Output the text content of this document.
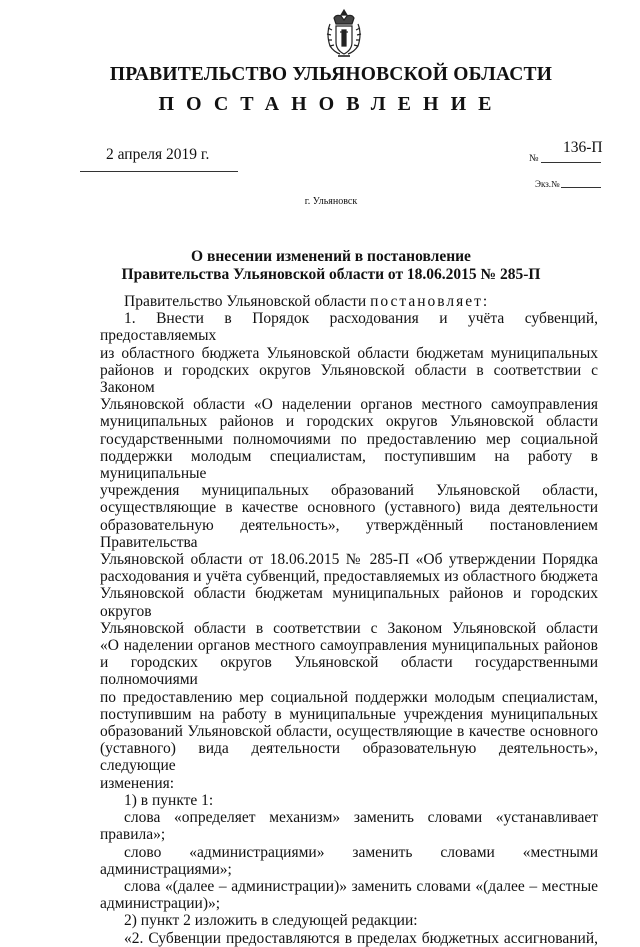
ПРАВИТЕЛЬСТВО УЛЬЯНОВСКОЙ ОБЛАСТИ
ПОСТАНОВЛЕНИЕ
2 апреля 2019 г.	№
136-П
Экз.№
г. Ульяновск
О внесении изменений в постановление
Правительства Ульяновской области от 18.06.2015 № 285-П

Правительство Ульяновской области постановляет:

1. Внести в Порядок расходования и учёта субвенций, предоставляемых

из областного бюджета Ульяновской области бюджетам муниципальных

районов и городских округов Ульяновской области в соответствии с Законом

Ульяновской области «О наделении органов местного самоуправления

муниципальных районов и городских округов Ульяновской области

государственными полномочиями по предоставлению мер социальной

поддержки молодым специалистам, поступившим на работу в муниципальные

учреждения муниципальных образований Ульяновской области,

осуществляющие в качестве основного (уставного) вида деятельности

образовательную деятельность», утверждённый постановлением Правительства

Ульяновской области от 18.06.2015 № 285-П «Об утверждении Порядка

расходования и учёта субвенций, предоставляемых из областного бюджета

Ульяновской области бюджетам муниципальных районов и городских округов

Ульяновской области в соответствии с Законом Ульяновской области

«О наделении органов местного самоуправления муниципальных районов

и городских округов Ульяновской области государственными полномочиями

по предоставлению мер социальной поддержки молодым специалистам,

поступившим на работу в муниципальные учреждения муниципальных

образований Ульяновской области, осуществляющие в качестве основного

(уставного) вида деятельности образовательную деятельность», следующие

изменения:

1) в пункте 1:

слова «определяет механизм» заменить словами «устанавливает

правила»;

слово «администрациями» заменить словами «местными

администрациями»;

слова «(далее – администрации)» заменить словами «(далее – местные

администрации)»;

2) пункт 2 изложить в следующей редакции:

«2. Субвенции предоставляются в пределах бюджетных ассигнований,
